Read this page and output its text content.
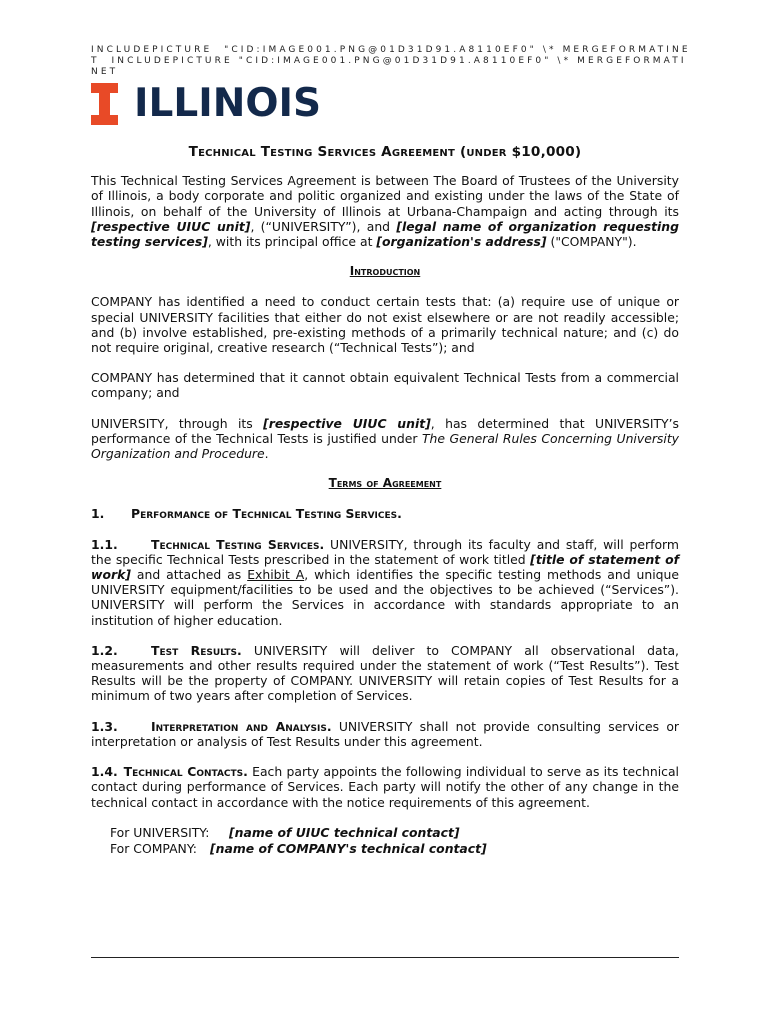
INCLUDEPICTURE  "CID:IMAGE001.PNG@01D31D91.A8110EF0" \* MERGEFORMATINET  INCLUDEPICTURE "CID:IMAGE001.PNG@01D31D91.A8110EF0" \* MERGEFORMATINET
ILLINOIS
Technical Testing Services Agreement (under $10,000)

This Technical Testing Services Agreement is between The Board of Trustees of the University of Illinois, a body corporate and politic organized and existing under the laws of the State of Illinois, on behalf of the University of Illinois at Urbana-Champaign and acting through its [respective UIUC unit], (“UNIVERSITY”), and [legal name of organization requesting testing services], with its principal office at [organization's address] ("COMPANY").

Introduction

COMPANY has identified a need to conduct certain tests that: (a) require use of unique or special UNIVERSITY facilities that either do not exist elsewhere or are not readily accessible; and (b) involve established, pre-existing methods of a primarily technical nature; and (c) do not require original, creative research (“Technical Tests”); and

COMPANY has determined that it cannot obtain equivalent Technical Tests from a commercial company; and

UNIVERSITY, through its [respective UIUC unit], has determined that UNIVERSITY’s performance of the Technical Tests is justified under The General Rules Concerning University Organization and Procedure.

Terms of Agreement
1. Performance of Technical Testing Services.

1.1.	Technical Testing Services. UNIVERSITY, through its faculty and staff, will perform the specific Technical Tests prescribed in the statement of work titled [title of statement of work] and attached as Exhibit A, which identifies the specific testing methods and unique UNIVERSITY equipment/facilities to be used and the objectives to be achieved (“Services”). UNIVERSITY will perform the Services in accordance with standards appropriate to an institution of higher education.

1.2.	Test Results. UNIVERSITY will deliver to COMPANY all observational data, measurements and other results required under the statement of work (“Test Results”). Test Results will be the property of COMPANY. UNIVERSITY will retain copies of Test Results for a minimum of two years after completion of Services.

1.3.	Interpretation and Analysis. UNIVERSITY shall not provide consulting services or interpretation or analysis of Test Results under this agreement.

1.4. Technical Contacts. Each party appoints the following individual to serve as its technical contact during performance of Services. Each party will notify the other of any change in the technical contact in accordance with the notice requirements of this agreement.

For UNIVERSITY: [name of UIUC technical contact]
For COMPANY: [name of COMPANY's technical contact]
